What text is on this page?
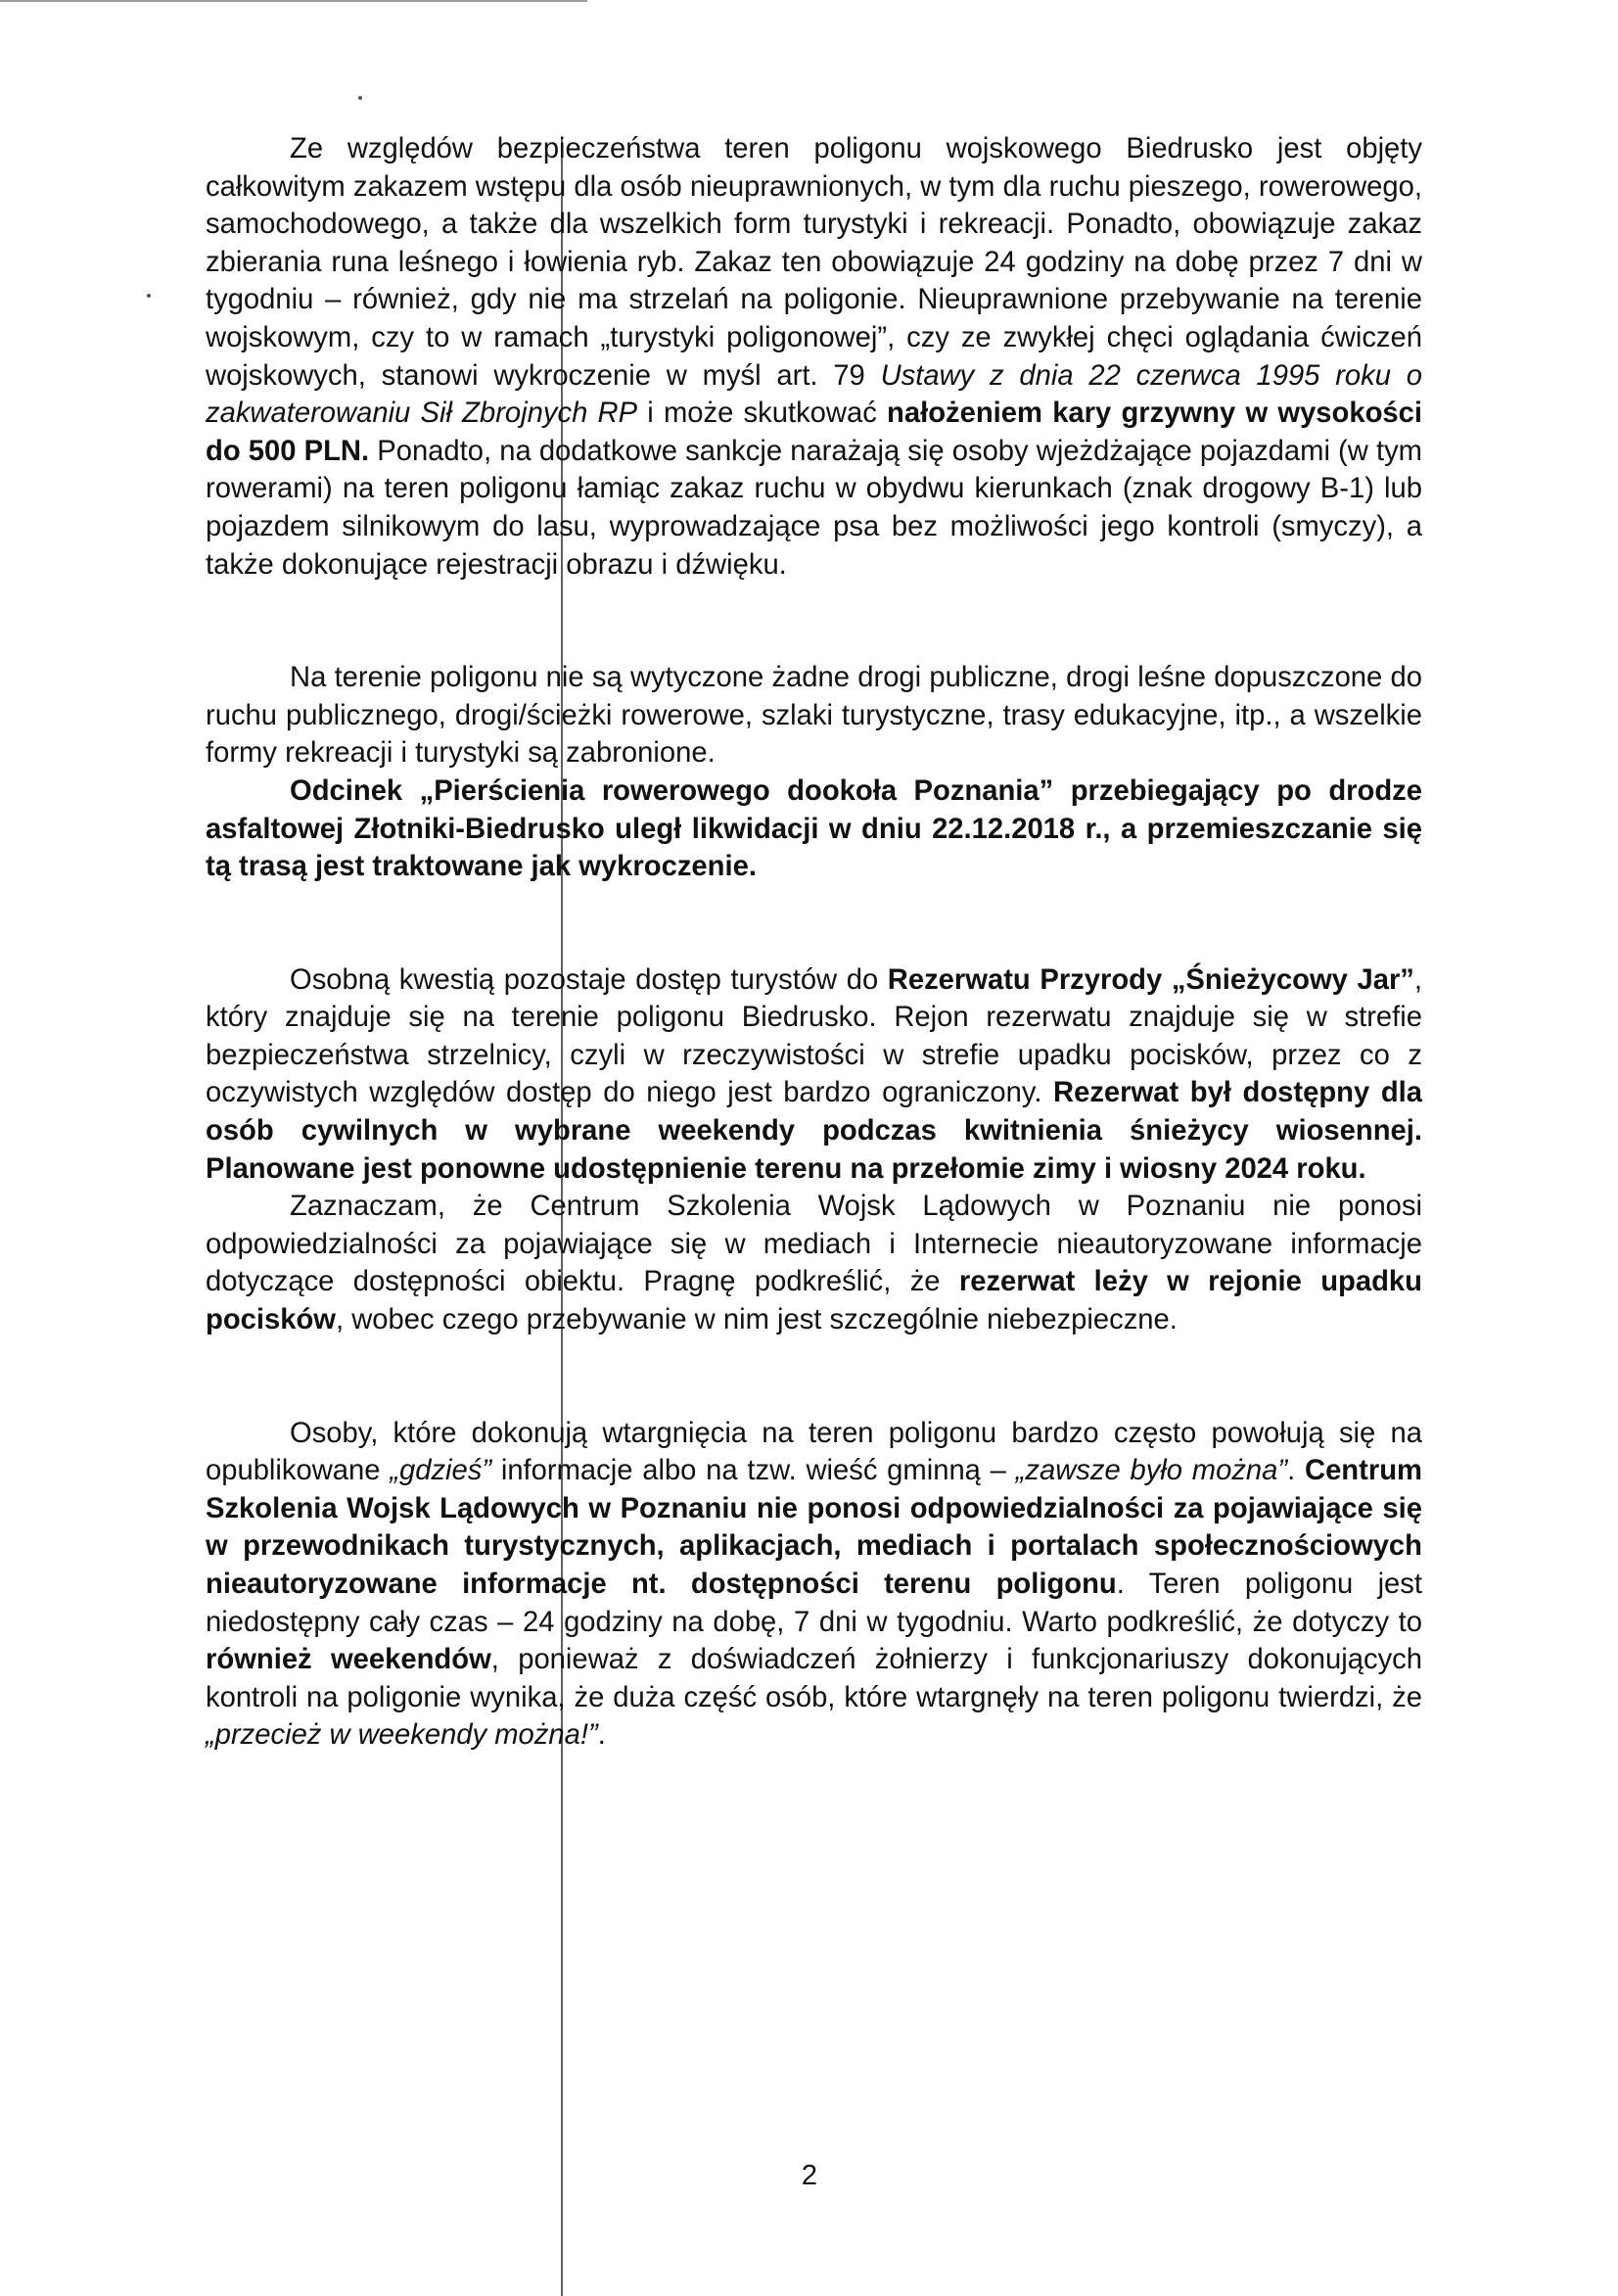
Ze względów bezpieczeństwa teren poligonu wojskowego Biedrusko jest objęty całkowitym zakazem wstępu dla osób nieuprawnionych, w tym dla ruchu pieszego, rowerowego, samochodowego, a także dla wszelkich form turystyki i rekreacji. Ponadto, obowiązuje zakaz zbierania runa leśnego i łowienia ryb. Zakaz ten obowiązuje 24 godziny na dobę przez 7 dni w tygodniu – również, gdy nie ma strzelań na poligonie. Nieuprawnione przebywanie na terenie wojskowym, czy to w ramach „turystyki poligonowej”, czy ze zwykłej chęci oglądania ćwiczeń wojskowych, stanowi wykroczenie w myśl art. 79 Ustawy z dnia 22 czerwca 1995 roku o zakwaterowaniu Sił Zbrojnych RP i może skutkować nałożeniem kary grzywny w wysokości do 500 PLN. Ponadto, na dodatkowe sankcje narażają się osoby wjeżdżające pojazdami (w tym rowerami) na teren poligonu łamiąc zakaz ruchu w obydwu kierunkach (znak drogowy B-1) lub pojazdem silnikowym do lasu, wyprowadzające psa bez możliwości jego kontroli (smyczy), a także dokonujące rejestracji obrazu i dźwięku.

Na terenie poligonu nie są wytyczone żadne drogi publiczne, drogi leśne dopuszczone do ruchu publicznego, drogi/ścieżki rowerowe, szlaki turystyczne, trasy edukacyjne, itp., a wszelkie formy rekreacji i turystyki są zabronione.

Odcinek „Pierścienia rowerowego dookoła Poznania” przebiegający po drodze asfaltowej Złotniki-Biedrusko uległ likwidacji w dniu 22.12.2018 r., a przemieszczanie się tą trasą jest traktowane jak wykroczenie.

Osobną kwestią pozostaje dostęp turystów do Rezerwatu Przyrody „Śnieżycowy Jar”, który znajduje się na terenie poligonu Biedrusko. Rejon rezerwatu znajduje się w strefie bezpieczeństwa strzelnicy, czyli w rzeczywistości w strefie upadku pocisków, przez co z oczywistych względów dostęp do niego jest bardzo ograniczony. Rezerwat był dostępny dla osób cywilnych w wybrane weekendy podczas kwitnienia śnieżycy wiosennej. Planowane jest ponowne udostępnienie terenu na przełomie zimy i wiosny 2024 roku.

Zaznaczam, że Centrum Szkolenia Wojsk Lądowych w Poznaniu nie ponosi odpowiedzialności za pojawiające się w mediach i Internecie nieautoryzowane informacje dotyczące dostępności obiektu. Pragnę podkreślić, że rezerwat leży w rejonie upadku pocisków, wobec czego przebywanie w nim jest szczególnie niebezpieczne.

Osoby, które dokonują wtargnięcia na teren poligonu bardzo często powołują się na opublikowane „gdzieś” informacje albo na tzw. wieść gminną – „zawsze było można”. Centrum Szkolenia Wojsk Lądowych w Poznaniu nie ponosi odpowiedzialności za pojawiające się w przewodnikach turystycznych, aplikacjach, mediach i portalach społecznościowych nieautoryzowane informacje nt. dostępności terenu poligonu. Teren poligonu jest niedostępny cały czas – 24 godziny na dobę, 7 dni w tygodniu. Warto podkreślić, że dotyczy to również weekendów, ponieważ z doświadczeń żołnierzy i funkcjonariuszy dokonujących kontroli na poligonie wynika, że duża część osób, które wtargnęły na teren poligonu twierdzi, że „przecież w weekendy można!”.

2
